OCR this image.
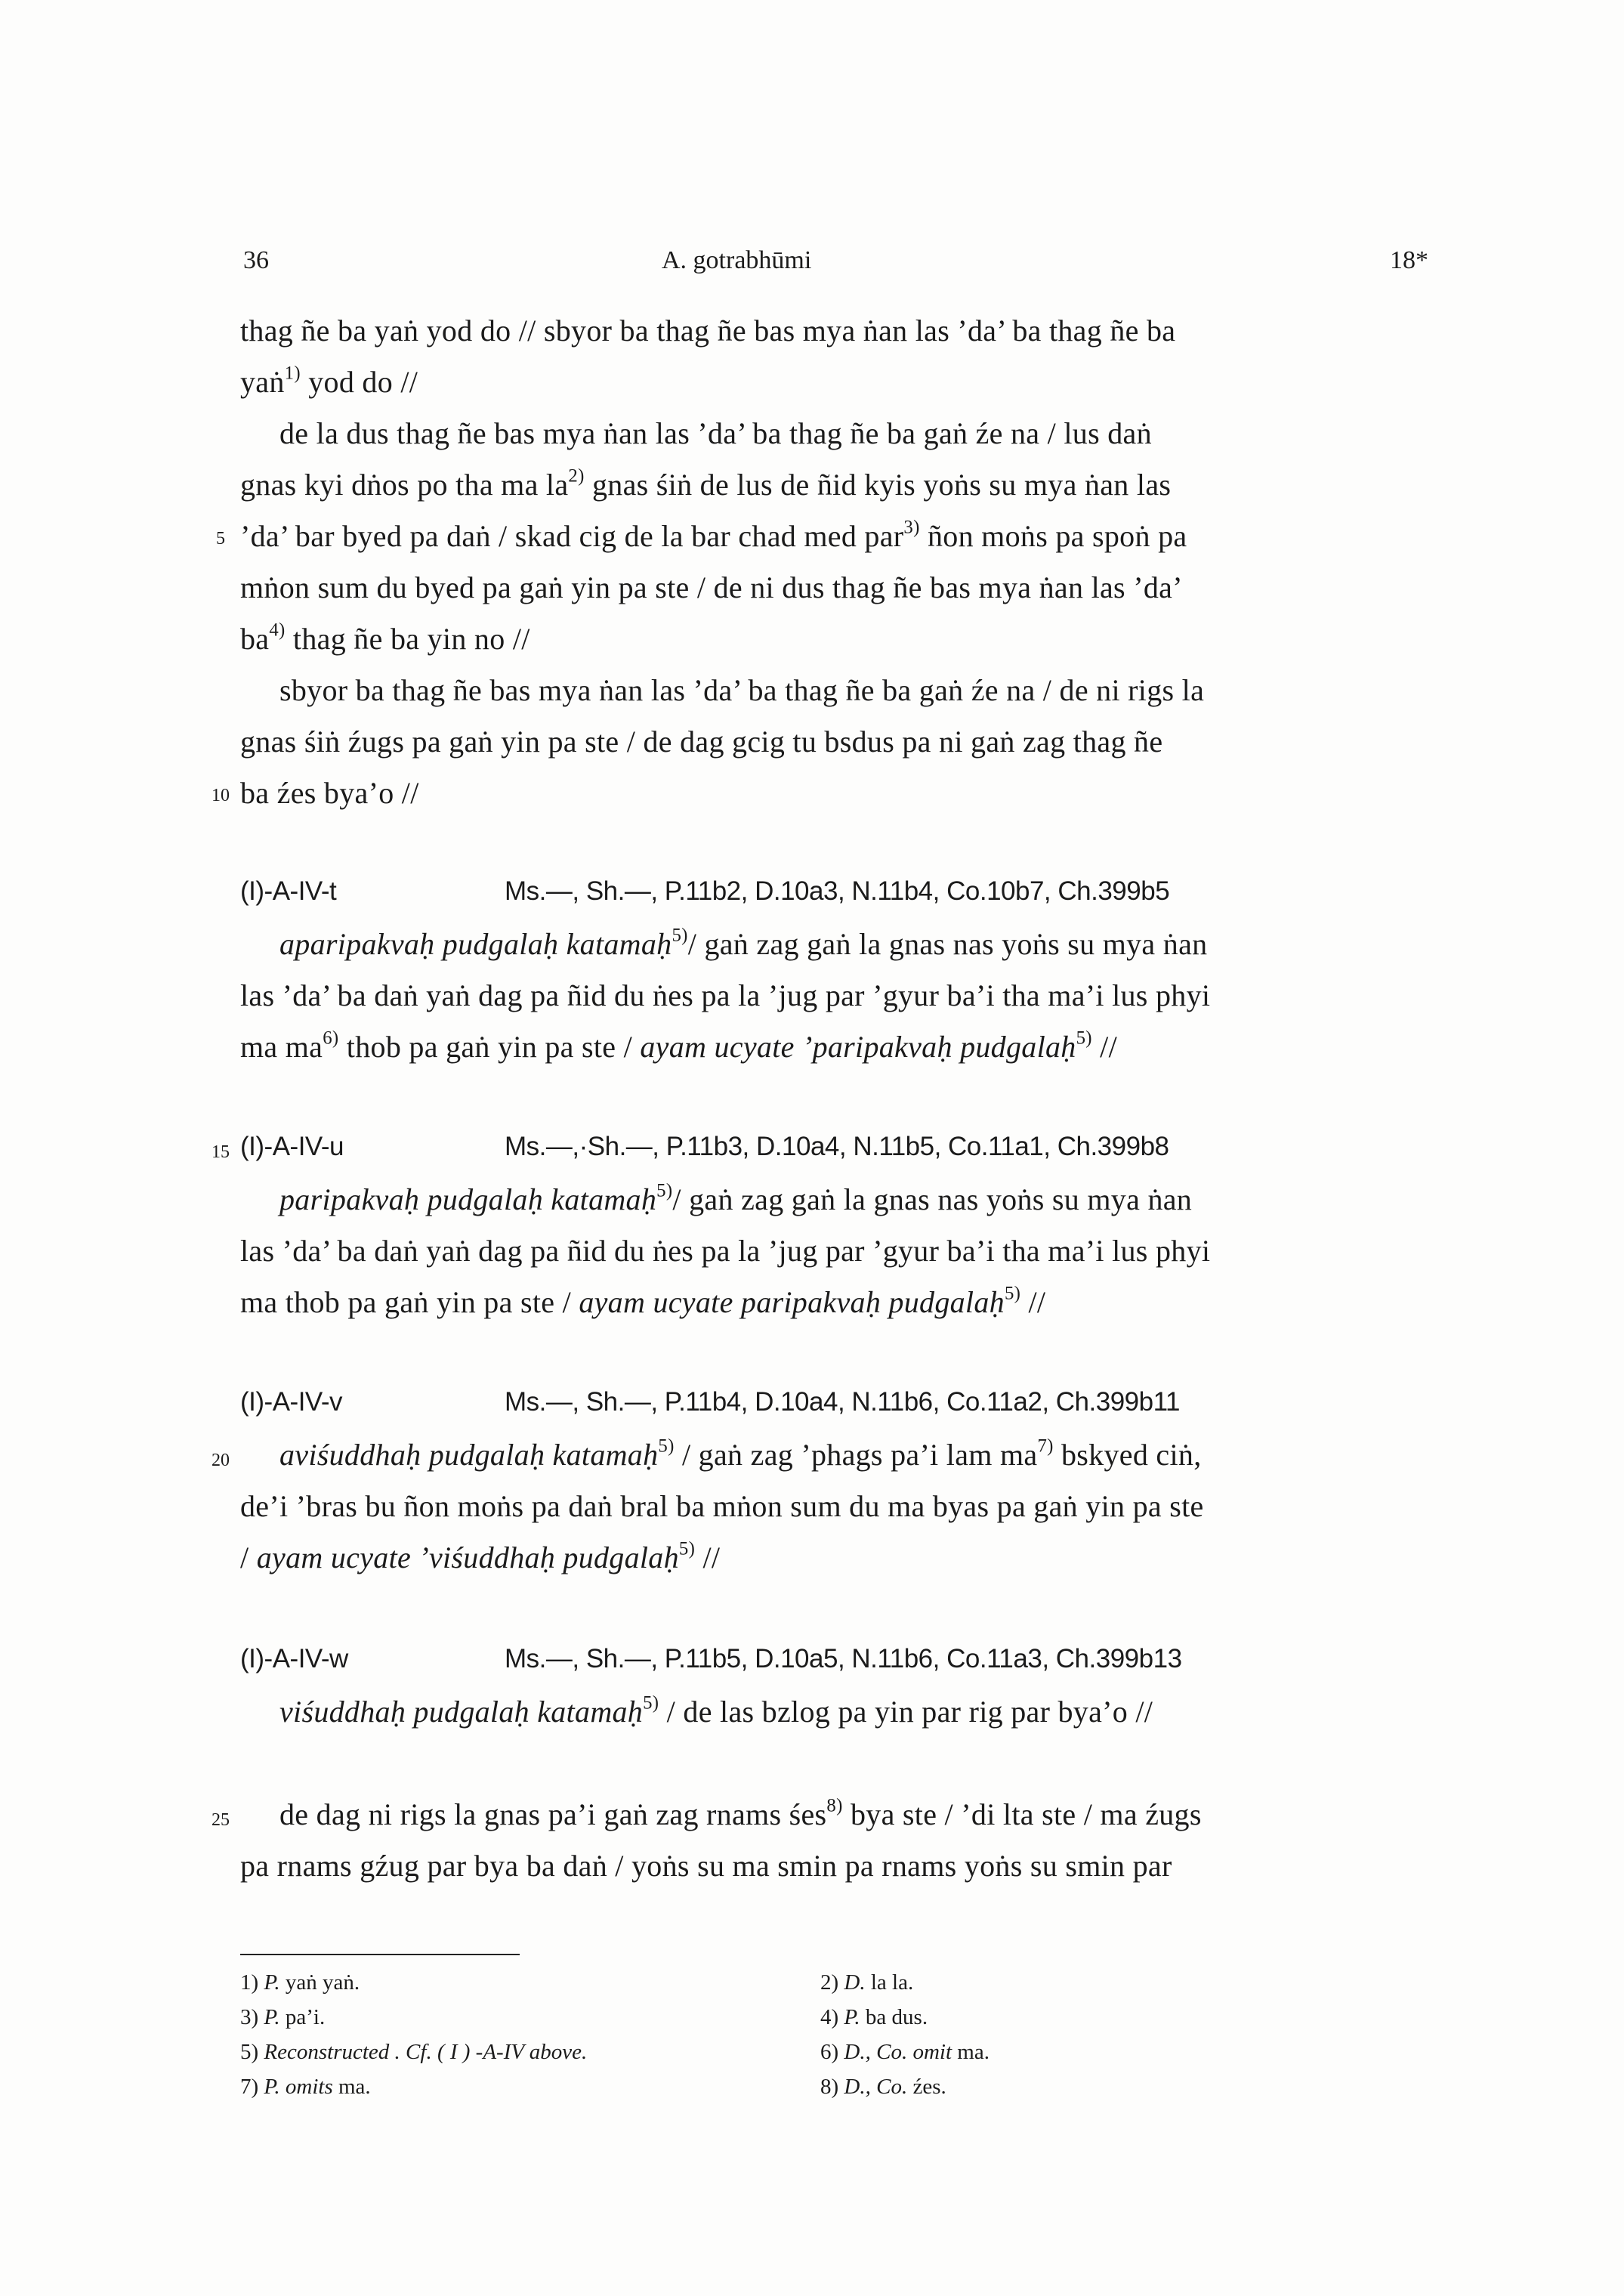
36	A. gotrabhūmi	18*
thag ñe ba yaṅ yod do // sbyor ba thag ñe bas mya ṅan las ’da’ ba thag ñe ba
yaṅ$^{1)}$ yod do //
de la dus thag ñe bas mya ṅan las ’da’ ba thag ñe ba gaṅ źe na / lus daṅ
gnas kyi dṅos po tha ma $la^{2)}$ gnas śiṅ de lus de ñid kyis yoṅs su mya ṅan las
5 ’da’ bar byed pa daṅ / skad cig de la bar chad med par$^{3)}$ ñon moṅs pa spoṅ pa
mṅon sum du byed pa gaṅ yin pa ste / de ni dus thag ñe bas mya ṅan las ’da’
$ba^{4)}$ thag ñe ba yin no //
sbyor ba thag ñe bas mya ṅan las ’da’ ba thag ñe ba gaṅ źe na / de ni rigs la
gnas śiṅ źugs pa gaṅ yin pa ste / de dag gcig tu bsdus pa ni gaṅ zag thag ñe
10 ba źes bya’o //
(I)-A-IV-t	Ms.—, Sh.—, P.11b2, D.10a3, N.11b4, Co.10b7, Ch.399b5
aparipakvaḥ pudgalaḥ katamaḥ$^{5)}$/ gaṅ zag gaṅ la gnas nas yoṅs su mya ṅan
las ’da’ ba daṅ yaṅ dag pa ñid du ṅes pa la ’jug par ’gyur ba’i tha ma’i lus phyi
ma $ma^{6)}$ thob pa gaṅ yin pa ste / ayam ucyate ’paripakvaḥ pudgalaḥ$^{5)}$ //
15 (I)-A-IV-u	Ms.—,·Sh.—, P.11b3, D.10a4, N.11b5, Co.11a1, Ch.399b8
paripakvaḥ pudgalaḥ katamaḥ$^{5)}$/ gaṅ zag gaṅ la gnas nas yoṅs su mya ṅan
las ’da’ ba daṅ yaṅ dag pa ñid du ṅes pa la ’jug par ’gyur ba’i tha ma’i lus phyi
ma thob pa gaṅ yin pa ste / ayam ucyate paripakvaḥ pudgalaḥ$^{5)}$ //
(I)-A-IV-v	Ms.—, Sh.—, P.11b4, D.10a4, N.11b6, Co.11a2, Ch.399b11
20 aviśuddhaḥ pudgalaḥ katamaḥ$^{5)}$ / gaṅ zag ’phags pa’i lam $ma^{7)}$ bskyed ciṅ,
de’i ’bras bu ñon moṅs pa daṅ bral ba mṅon sum du ma byas pa gaṅ yin pa ste
/ ayam ucyate ’viśuddhaḥ pudgalaḥ$^{5)}$ //
(I)-A-IV-w	Ms.—, Sh.—, P.11b5, D.10a5, N.11b6, Co.11a3, Ch.399b13
viśuddhaḥ pudgalaḥ katamaḥ$^{5)}$ / de las bzlog pa yin par rig par bya’o //
25 de dag ni rigs la gnas pa’i gaṅ zag rnams śes$^{8)}$ bya ste / ’di lta ste / ma źugs
pa rnams gźug par bya ba daṅ / yoṅs su ma smin pa rnams yoṅs su smin par
1) P. yaṅ yaṅ.	2) D. la la.
3) P. pa’i.	4) P. ba dus.
5) Reconstructed . Cf. ( I ) -A-IV above.	6) D., Co. omit ma.
7) P. omits ma.	8) D., Co. źes.
